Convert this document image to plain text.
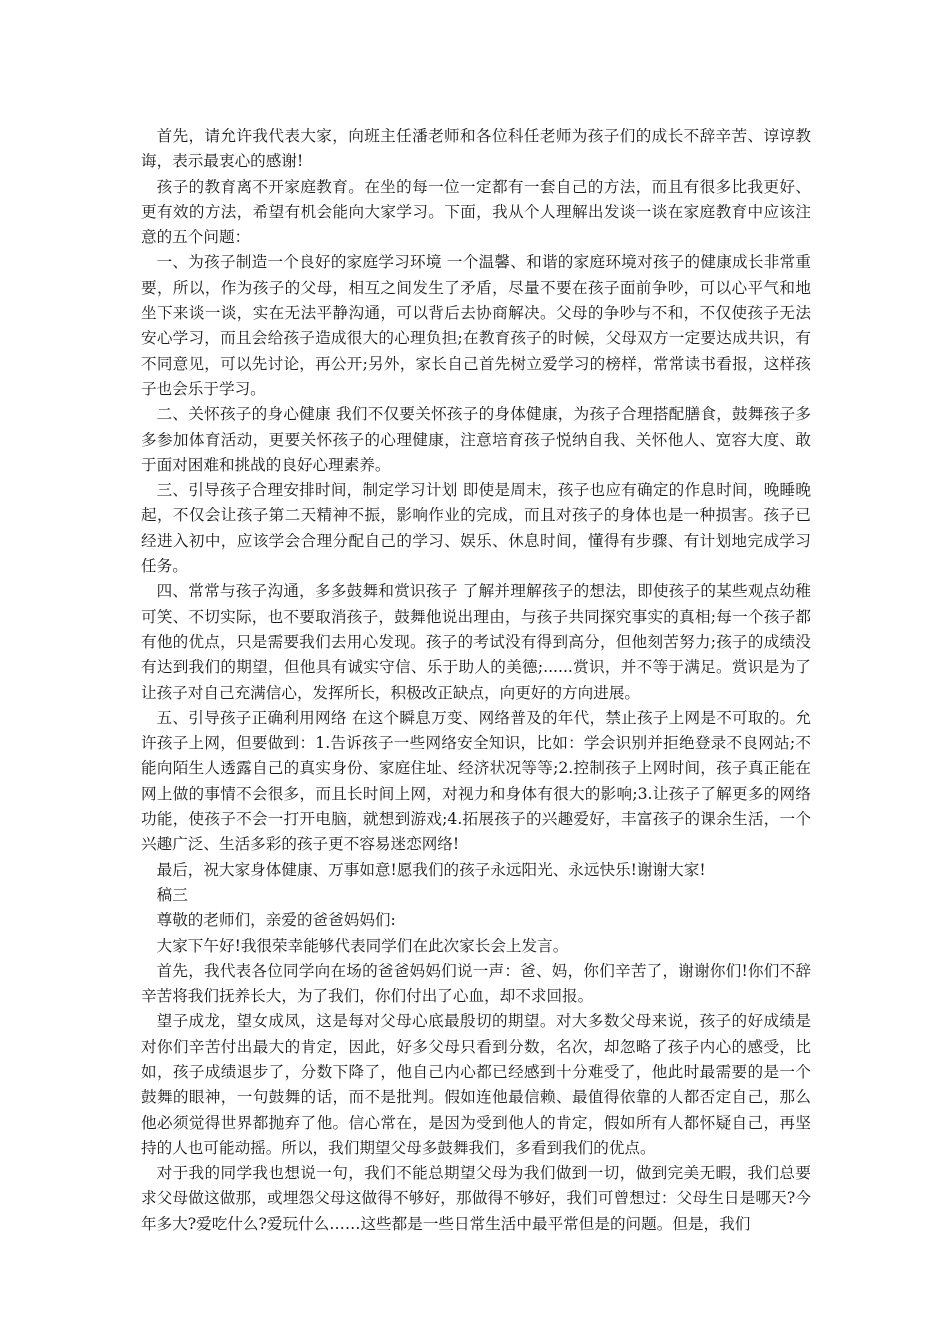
首先，请允许我代表大家，向班主任潘老师和各位科任老师为孩子们的成长不辞辛苦、谆谆教诲，表示最衷心的感谢!

孩子的教育离不开家庭教育。在坐的每一位一定都有一套自己的方法，而且有很多比我更好、更有效的方法，希望有机会能向大家学习。下面，我从个人理解出发谈一谈在家庭教育中应该注意的五个问题：

一、为孩子制造一个良好的家庭学习环境 一个温馨、和谐的家庭环境对孩子的健康成长非常重要，所以，作为孩子的父母，相互之间发生了矛盾，尽量不要在孩子面前争吵，可以心平气和地坐下来谈一谈，实在无法平静沟通，可以背后去协商解决。父母的争吵与不和，不仅使孩子无法安心学习，而且会给孩子造成很大的心理负担;在教育孩子的时候，父母双方一定要达成共识，有不同意见，可以先讨论，再公开;另外，家长自己首先树立爱学习的榜样，常常读书看报，这样孩子也会乐于学习。

二、关怀孩子的身心健康 我们不仅要关怀孩子的身体健康，为孩子合理搭配膳食，鼓舞孩子多多参加体育活动，更要关怀孩子的心理健康，注意培育孩子悦纳自我、关怀他人、宽容大度、敢于面对困难和挑战的良好心理素养。

三、引导孩子合理安排时间，制定学习计划 即使是周末，孩子也应有确定的作息时间，晚睡晚起，不仅会让孩子第二天精神不振，影响作业的完成，而且对孩子的身体也是一种损害。孩子已经进入初中，应该学会合理分配自己的学习、娱乐、休息时间，懂得有步骤、有计划地完成学习任务。

四、常常与孩子沟通，多多鼓舞和赏识孩子 了解并理解孩子的想法，即使孩子的某些观点幼稚可笑、不切实际，也不要取消孩子，鼓舞他说出理由，与孩子共同探究事实的真相;每一个孩子都有他的优点，只是需要我们去用心发现。孩子的考试没有得到高分，但他刻苦努力;孩子的成绩没有达到我们的期望，但他具有诚实守信、乐于助人的美德;......赏识，并不等于满足。赏识是为了让孩子对自己充满信心，发挥所长，积极改正缺点，向更好的方向进展。

五、引导孩子正确利用网络 在这个瞬息万变、网络普及的年代，禁止孩子上网是不可取的。允许孩子上网，但要做到：1.告诉孩子一些网络安全知识，比如：学会识别并拒绝登录不良网站;不能向陌生人透露自己的真实身份、家庭住址、经济状况等等;2.控制孩子上网时间，孩子真正能在网上做的事情不会很多，而且长时间上网，对视力和身体有很大的影响;3.让孩子了解更多的网络功能，使孩子不会一打开电脑，就想到游戏;4.拓展孩子的兴趣爱好，丰富孩子的课余生活，一个兴趣广泛、生活多彩的孩子更不容易迷恋网络!

最后，祝大家身体健康、万事如意!愿我们的孩子永远阳光、永远快乐!谢谢大家!

稿三

尊敬的老师们，亲爱的爸爸妈妈们:

大家下午好!我很荣幸能够代表同学们在此次家长会上发言。

首先，我代表各位同学向在场的爸爸妈妈们说一声：爸、妈，你们辛苦了，谢谢你们!你们不辞辛苦将我们抚养长大，为了我们，你们付出了心血，却不求回报。

望子成龙，望女成凤，这是每对父母心底最殷切的期望。对大多数父母来说，孩子的好成绩是对你们辛苦付出最大的肯定，因此，好多父母只看到分数，名次，却忽略了孩子内心的感受，比如，孩子成绩退步了，分数下降了，他自己内心都已经感到十分难受了，他此时最需要的是一个鼓舞的眼神，一句鼓舞的话，而不是批判。假如连他最信赖、最值得依靠的人都否定自己，那么他必须觉得世界都抛弃了他。信心常在，是因为受到他人的肯定，假如所有人都怀疑自己，再坚持的人也可能动摇。所以，我们期望父母多鼓舞我们，多看到我们的优点。

对于我的同学我也想说一句，我们不能总期望父母为我们做到一切，做到完美无暇，我们总要求父母做这做那，或埋怨父母这做得不够好，那做得不够好，我们可曾想过：父母生日是哪天?今年多大?爱吃什么?爱玩什么……这些都是一些日常生活中最平常但是的问题。但是，我们
